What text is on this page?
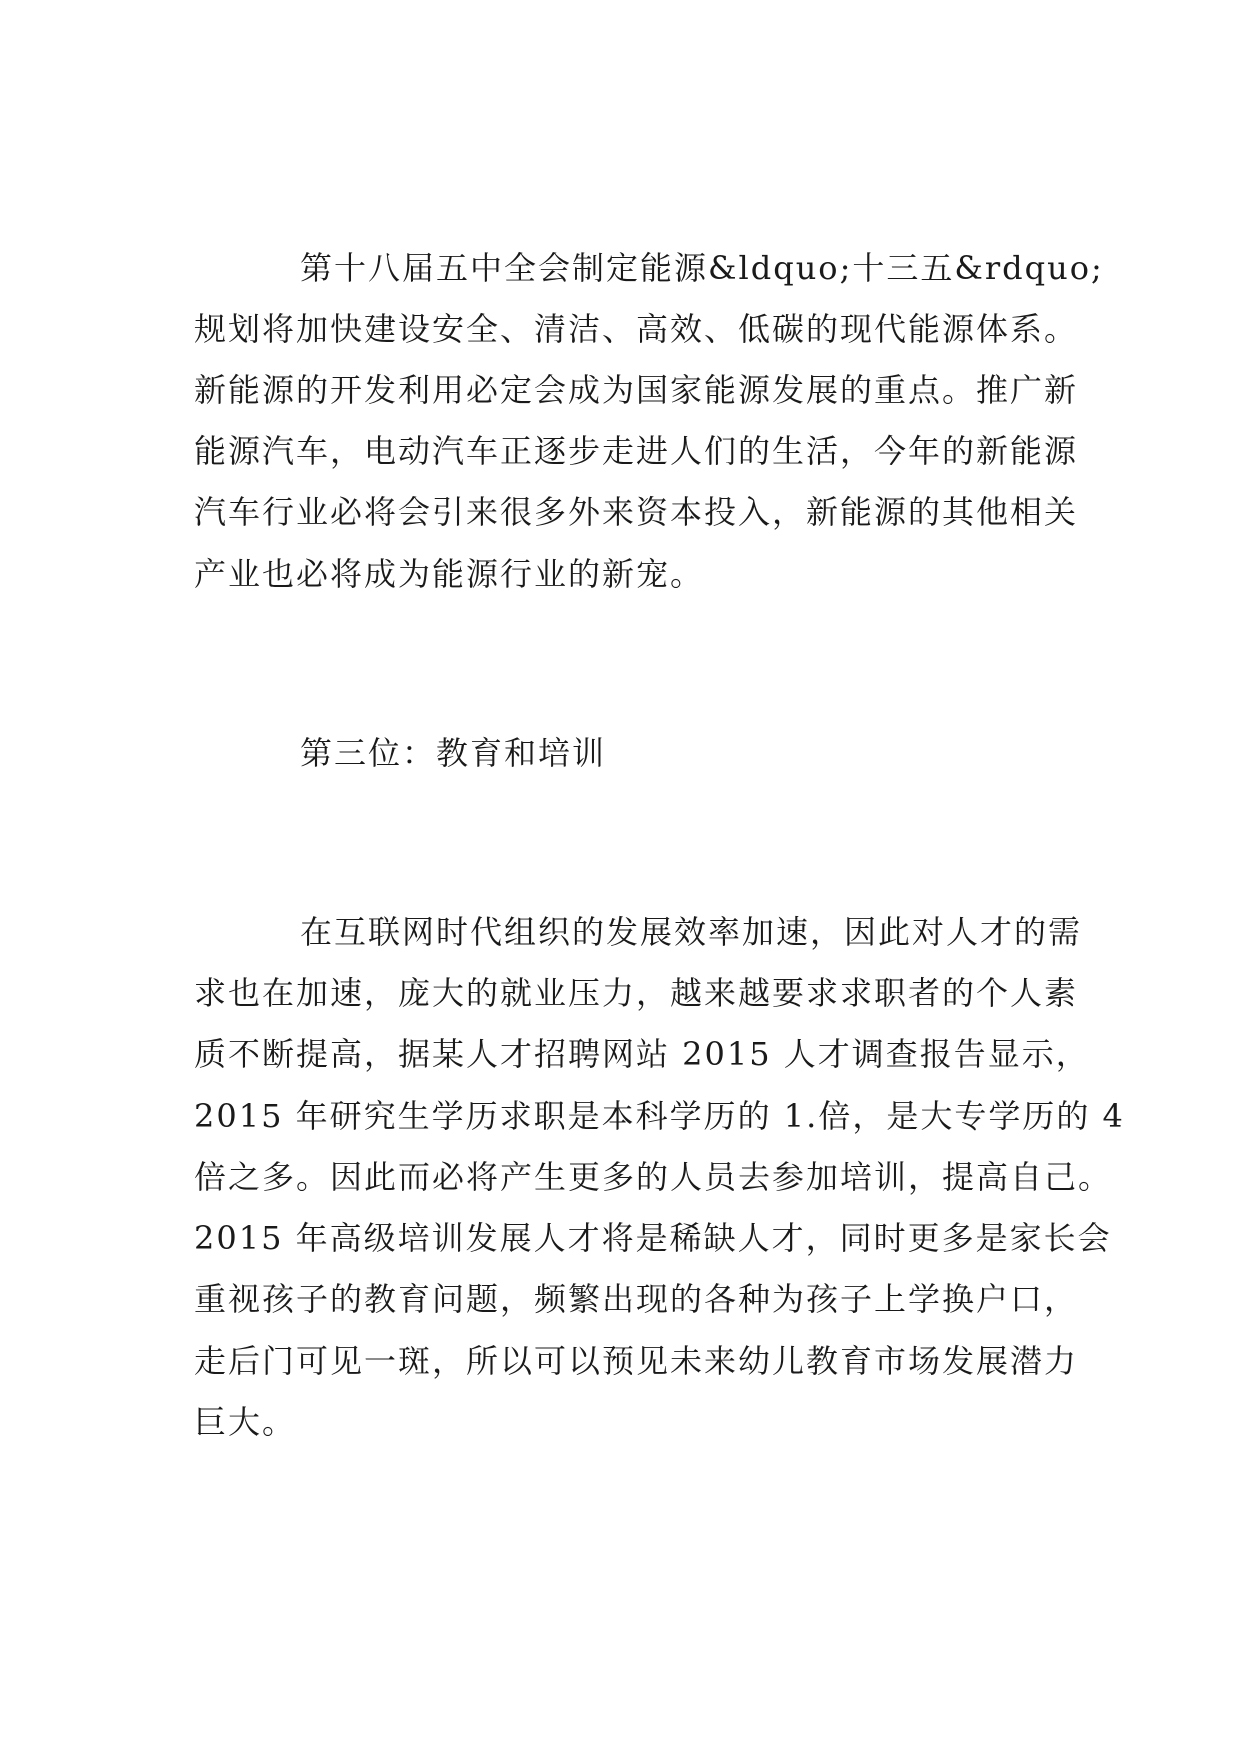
第十八届五中全会制定能源&ldquo;十三五&rdquo;

规划将加快建设安全、清洁、高效、低碳的现代能源体系。

新能源的开发利用必定会成为国家能源发展的重点。推广新

能源汽车，电动汽车正逐步走进人们的生活，今年的新能源

汽车行业必将会引来很多外来资本投入，新能源的其他相关

产业也必将成为能源行业的新宠。

第三位：教育和培训

在互联网时代组织的发展效率加速，因此对人才的需

求也在加速，庞大的就业压力，越来越要求求职者的个人素

质不断提高，据某人才招聘网站 2015 人才调查报告显示，

2015 年研究生学历求职是本科学历的 1.倍，是大专学历的 4

倍之多。因此而必将产生更多的人员去参加培训，提高自己。

2015 年高级培训发展人才将是稀缺人才，同时更多是家长会

重视孩子的教育问题，频繁出现的各种为孩子上学换户口，

走后门可见一斑，所以可以预见未来幼儿教育市场发展潜力

巨大。
